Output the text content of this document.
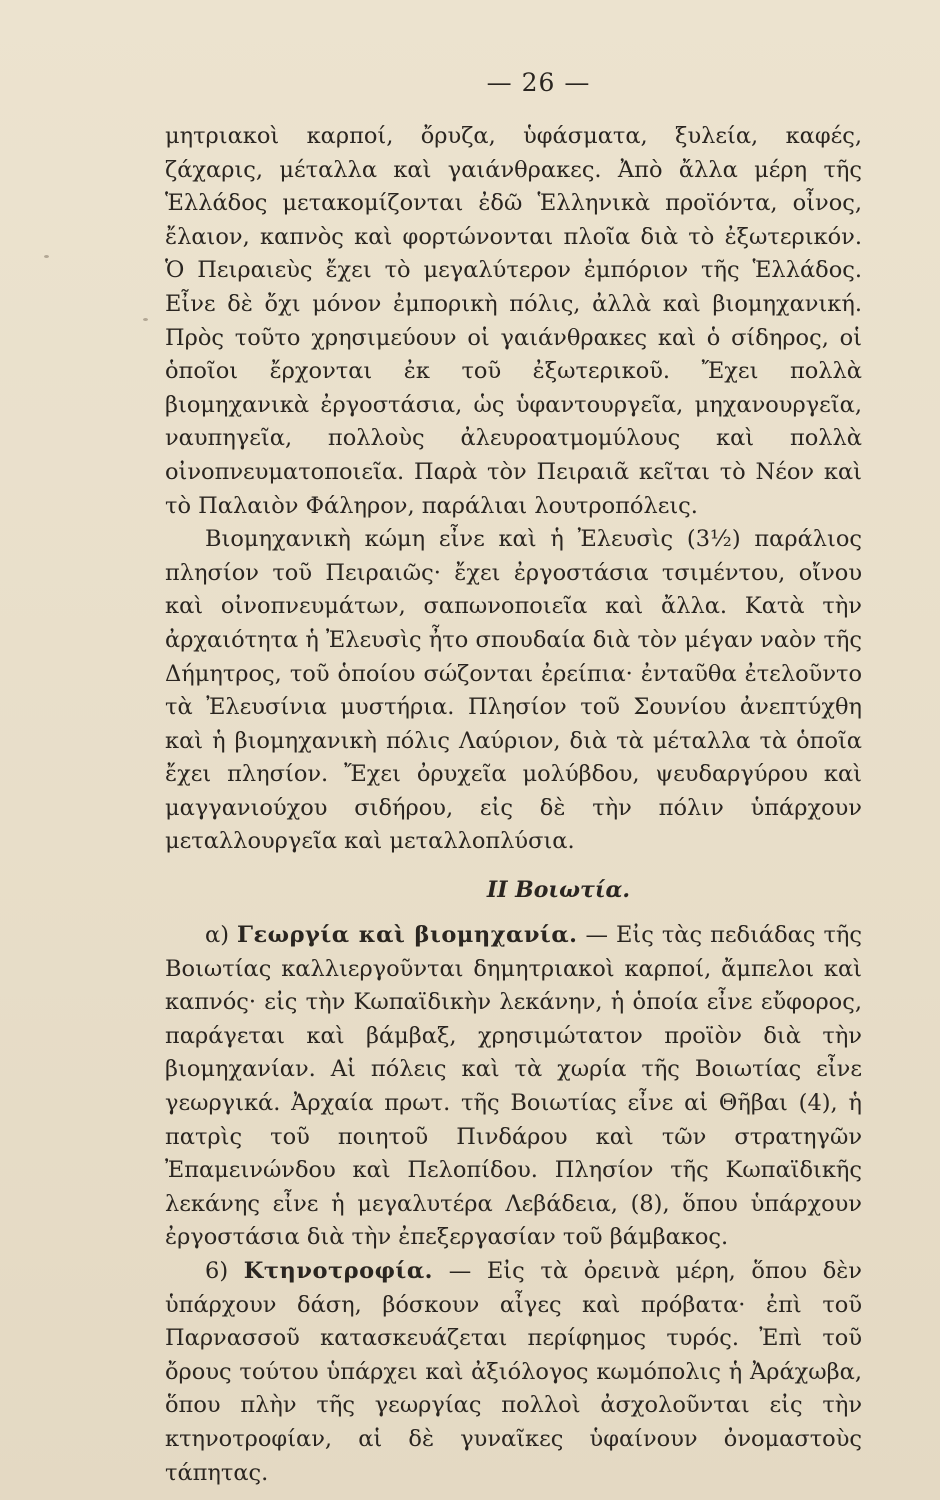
— 26 —

μητριακοὶ καρποί, ὄρυζα, ὑφάσματα, ξυλεία, καφές, ζάχαρις, μέταλλα καὶ γαιάνθρακες. Ἀπὸ ἄλλα μέρη τῆς Ἑλλάδος μετακομίζονται ἐδῶ Ἑλληνικὰ προϊόντα, οἶνος, ἔλαιον, καπνὸς καὶ φορτώνονται πλοῖα διὰ τὸ ἐξωτερικόν. Ὁ Πειραιεὺς ἔχει τὸ μεγαλύτερον ἐμπόριον τῆς Ἑλλάδος. Εἶνε δὲ ὄχι μόνον ἐμπορικὴ πόλις, ἀλλὰ καὶ βιομηχανική. Πρὸς τοῦτο χρησιμεύουν οἱ γαιάνθρακες καὶ ὁ σίδηρος, οἱ ὁποῖοι ἔρχονται ἐκ τοῦ ἐξωτερικοῦ. Ἔχει πολλὰ βιομηχανικὰ ἐργοστάσια, ὡς ὑφαντουργεῖα, μηχανουργεῖα, ναυπηγεῖα, πολλοὺς ἀλευροατμομύλους καὶ πολλὰ οἰνοπνευματοποιεῖα. Παρὰ τὸν Πειραιᾶ κεῖται τὸ Νέον καὶ τὸ Παλαιὸν Φάληρον, παράλιαι λουτροπόλεις.

Βιομηχανικὴ κώμη εἶνε καὶ ἡ Ἐλευσὶς (3½) παράλιος πλησίον τοῦ Πειραιῶς· ἔχει ἐργοστάσια τσιμέντου, οἴνου καὶ οἰνοπνευμάτων, σαπωνοποιεῖα καὶ ἄλλα. Κατὰ τὴν ἀρχαιότητα ἡ Ἐλευσὶς ἦτο σπουδαία διὰ τὸν μέγαν ναὸν τῆς Δήμητρος, τοῦ ὁποίου σώζονται ἐρείπια· ἐνταῦθα ἐτελοῦντο τὰ Ἐλευσίνια μυστήρια. Πλησίον τοῦ Σουνίου ἀνεπτύχθη καὶ ἡ βιομηχανικὴ πόλις Λαύριον, διὰ τὰ μέταλλα τὰ ὁποῖα ἔχει πλησίον. Ἔχει ὀρυχεῖα μολύβδου, ψευδαργύρου καὶ μαγγανιούχου σιδήρου, εἰς δὲ τὴν πόλιν ὑπάρχουν μεταλλουργεῖα καὶ μεταλλοπλύσια.

II Βοιωτία.

α) Γεωργία καὶ βιομηχανία. — Εἰς τὰς πεδιάδας τῆς Βοιωτίας καλλιεργοῦνται δημητριακοὶ καρποί, ἄμπελοι καὶ καπνός· εἰς τὴν Κωπαϊδικὴν λεκάνην, ἡ ὁποία εἶνε εὔφορος, παράγεται καὶ βάμβαξ, χρησιμώτατον προϊὸν διὰ τὴν βιομηχανίαν. Αἱ πόλεις καὶ τὰ χωρία τῆς Βοιωτίας εἶνε γεωργικά. Ἀρχαία πρωτ. τῆς Βοιωτίας εἶνε αἱ Θῆβαι (4), ἡ πατρὶς τοῦ ποιητοῦ Πινδάρου καὶ τῶν στρατηγῶν Ἐπαμεινώνδου καὶ Πελοπίδου. Πλησίον τῆς Κωπαϊδικῆς λεκάνης εἶνε ἡ μεγαλυτέρα Λεβάδεια, (8), ὅπου ὑπάρχουν ἐργοστάσια διὰ τὴν ἐπεξεργασίαν τοῦ βάμβακος.

6) Κτηνοτροφία. — Εἰς τὰ ὀρεινὰ μέρη, ὅπου δὲν ὑπάρχουν δάση, βόσκουν αἶγες καὶ πρόβατα· ἐπὶ τοῦ Παρνασσοῦ κατασκευάζεται περίφημος τυρός. Ἐπὶ τοῦ ὄρους τούτου ὑπάρχει καὶ ἀξιόλογος κωμόπολις ἡ Ἀράχωβα, ὅπου πλὴν τῆς γεωργίας πολλοὶ ἀσχολοῦνται εἰς τὴν κτηνοτροφίαν, αἱ δὲ γυναῖκες ὑφαίνουν ὀνομαστοὺς τάπητας.
